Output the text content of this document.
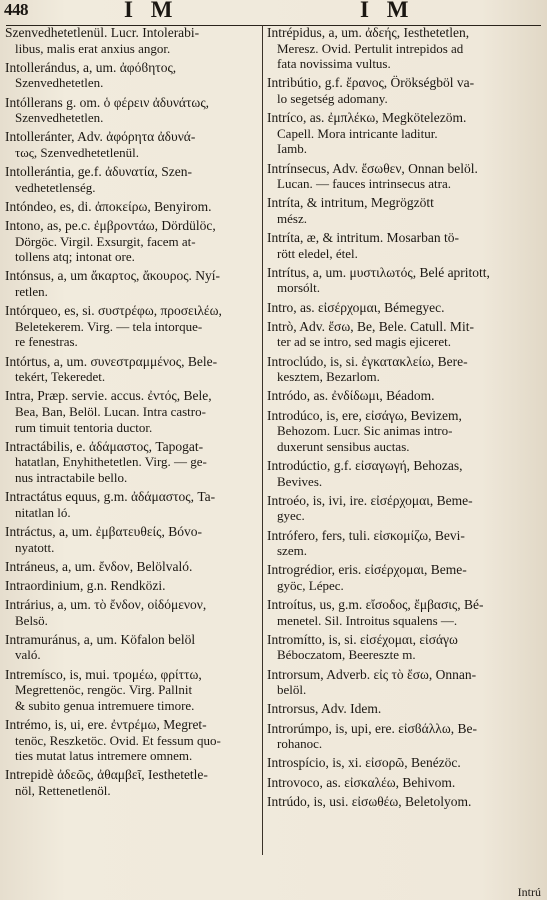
448	I M	I M
Szenvedhetetlenül. Lucr. Intolerabi-
libus, malis erat anxius angor.
Intollerándus, a, um. ἀφόϐητος,
Szenvedhetetlen.
Intóllerans g. om. ὁ φέρειν ἀδυνάτως,
Szenvedhetetlen.
Intolleránter, Adv. ἀφόρητα ἀδυνά-
τως, Szenvedhetetlenül.
Intollerántia, ge.f. ἀδυνατία, Szen-
vedhetetlenség.
Intóndeo, es, di. ἀποκείρω, Benyirom.
Intono, as, pe.c. ἐμβροντάω, Dördülöc,
Dörgöc. Virgil. Exsurgit, facem at-
tollens atq; intonat ore.
Intónsus, a, um ἄκαρτος, ἄκουρος. Nyí-
retlen.
Intórqueo, es, si. συστρέφω, προσειλέω,
Beletekerem. Virg. — tela intorque-
re fenestras.
Intórtus, a, um. συνεστραμμένος, Bele-
tekért, Tekeredet.
Intra, Præp. servie. accus. ἐντός, Bele,
Bea, Ban, Belöl. Lucan. Intra castro-
rum timuit tentoria ductor.
Intractábilis, e. ἀδάμαστος, Tapogat-
hatatlan, Enyhithetetlen. Virg. — ge-
nus intractabile bello.
Intractátus equus, g.m. ἀδάμαστος, Ta-
nitatlan ló.
Intráctus, a, um. ἐμβατευθείς, Bóvo-
nyatott.
Intráneus, a, um. ἔνδον, Belölvaló.
Intraordinium, g.n. Rendközi.
Intrárius, a, um. τὸ ἔνδον, οἰδόμενον,
Belsö.
Intramuránus, a, um. Köfalon belöl
való.
Intremísco, is, mui. τρομέω, φρίττω,
Megrettenöc, rengöc. Virg. Pallnit
& subito genua intremuere timore.
Intrémo, is, ui, ere. ἐντρέμω, Megret-
tenöc, Reszketöc. Ovid. Et fessum quo-
ties mutat latus intremere omnem.
Intrepidè ἀδεῶς, ἀθαμβεῖ, Iesthetetle-
nöl, Rettenetlenöl.
Intrépidus, a, um. ἀδεής, Iesthetetlen,
Meresz. Ovid. Pertulit intrepidos ad
fata novissima vultus.
Intribútio, g.f. ἔρανος, Örökségböl va-
lo segetség adomany.
Intríco, as. ἐμπλέκω, Megkötelezöm.
Capell. Mora intricante laditur.
Iamb.
Intrínsecus, Adv. ἔσωθεν, Onnan belöl.
Lucan. — fauces intrinsecus atra.
Intríta, & intritum, Megrögzött
mész.
Intríta, æ, & intritum. Mosarban tö-
rött eledel, étel.
Intrítus, a, um. μυστιλωτός, Belé apritott,
morsólt.
Intro, as. εἰσέρχομαι, Bémegyec.
Intrò, Adv. ἔσω, Be, Bele. Catull. Mit-
ter ad se intro, sed magis ejiceret.
Introclúdo, is, si. ἐγκατακλείω, Bere-
kesztem, Bezarlom.
Intródo, as. ἐνδίδωμι, Béadom.
Introdúco, is, ere, εἰσάγω, Bevizem,
Behozom. Lucr. Sic animas intro-
duxerunt sensibus auctas.
Introdúctio, g.f. εἰσαγωγή, Behozas,
Bevives.
Introéo, is, ivi, ire. εἰσέρχομαι, Beme-
gyec.
Intrófero, fers, tuli. εἰσκομίζω, Bevi-
szem.
Introgrédior, eris. εἰσέρχομαι, Beme-
gyöc, Lépec.
Introítus, us, g.m. εἴσοδος, ἔμβασις, Bé-
menetel. Sil. Introitus squalens —.
Intromítto, is, si. εἰσέχομαι, εἰσάγω
Béboczatom, Beereszte m.
Introrsum, Adverb. εἰς τὸ ἔσω, Onnan-
belöl.
Introrsus, Adv. Idem.
Introrúmpo, is, upi, ere. εἰσϐάλλω, Be-
rohanoc.
Introspício, is, xi. εἰσορῶ, Benézöc.
Introvoco, as. εἰσκαλέω, Behivom.
Intrúdo, is, usi. εἰσωθέω, Beletolyom.
Intrú
